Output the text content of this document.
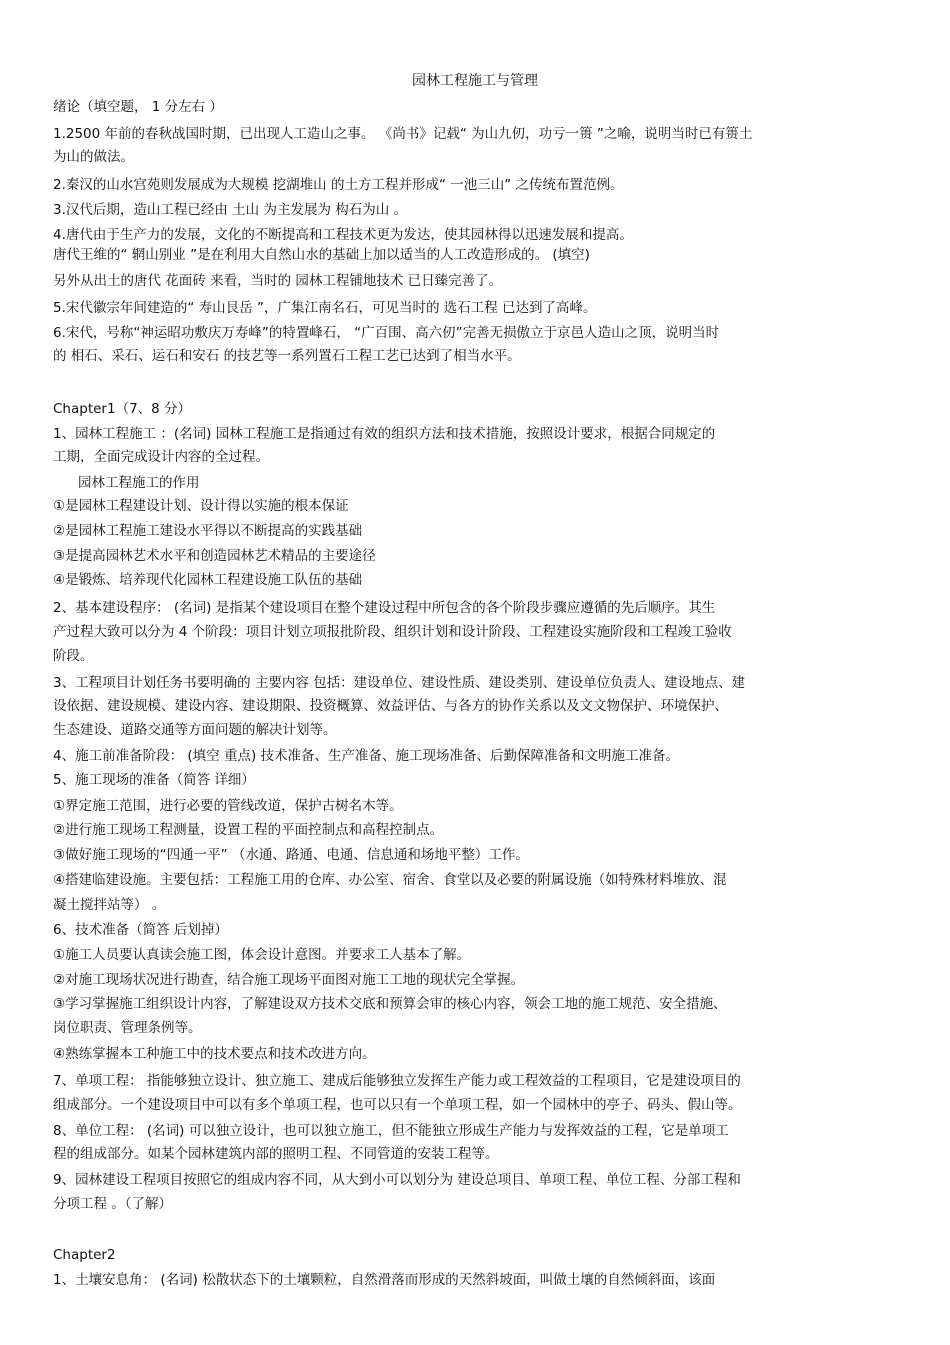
园林工程施工与管理
绪论（填空题， 1 分左右 ）
1.2500 年前的春秋战国时期，已出现人工造山之事。 《尚书》记载“ 为山九仞，功亏一篑 ”之喻，说明当时已有篑土
为山的做法。
2.秦汉的山水宫苑则发展成为大规模 挖湖堆山 的土方工程并形成“ 一池三山” 之传统布置范例。
3.汉代后期，造山工程已经由 土山 为主发展为 构石为山 。
4.唐代由于生产力的发展，文化的不断提高和工程技术更为发达，使其园林得以迅速发展和提高。
唐代王维的“ 辋山别业 ”是在利用大自然山水的基础上加以适当的人工改造形成的。 (填空)
另外从出土的唐代 花面砖 来看，当时的 园林工程铺地技术 已日臻完善了。
5.宋代徽宗年间建造的“ 寿山艮岳 ”，广集江南名石，可见当时的 选石工程 已达到了高峰。
6.宋代，号称“神运昭功敷庆万寿峰”的特置峰石， “广百围、高六仞”完善无损傲立于京邑人造山之顶，说明当时
的 相石、采石、运石和安石 的技艺等一系列置石工程工艺已达到了相当水平。
Chapter1（7、8 分）
1、园林工程施工 ：(名词) 园林工程施工是指通过有效的组织方法和技术措施，按照设计要求，根据合同规定的
工期，全面完成设计内容的全过程。
园林工程施工的作用
①是园林工程建设计划、设计得以实施的根本保证
②是园林工程施工建设水平得以不断提高的实践基础
③是提高园林艺术水平和创造园林艺术精品的主要途径
④是锻炼、培养现代化园林工程建设施工队伍的基础
2、基本建设程序： (名词) 是指某个建设项目在整个建设过程中所包含的各个阶段步骤应遵循的先后顺序。其生
产过程大致可以分为 4 个阶段：项目计划立项报批阶段、组织计划和设计阶段、工程建设实施阶段和工程竣工验收
阶段。
3、工程项目计划任务书要明确的 主要内容 包括：建设单位、建设性质、建设类别、建设单位负责人、建设地点、建
设依据、建设规模、建设内容、建设期限、投资概算、效益评估、与各方的协作关系以及文文物保护、环境保护、
生态建设、道路交通等方面问题的解决计划等。
4、施工前准备阶段： (填空 重点) 技术准备、生产准备、施工现场准备、后勤保障准备和文明施工准备。
5、施工现场的准备（简答 详细）
①界定施工范围，进行必要的管线改道，保护古树名木等。
②进行施工现场工程测量，设置工程的平面控制点和高程控制点。
③做好施工现场的“四通一平” （水通、路通、电通、信息通和场地平整）工作。
④搭建临建设施。主要包括：工程施工用的仓库、办公室、宿舍、食堂以及必要的附属设施（如特殊材料堆放、混
凝土搅拌站等） 。
6、技术准备（简答 后划掉）
①施工人员要认真读会施工图，体会设计意图。并要求工人基本了解。
②对施工现场状况进行勘查，结合施工现场平面图对施工工地的现状完全掌握。
③学习掌握施工组织设计内容，了解建设双方技术交底和预算会审的核心内容，领会工地的施工规范、安全措施、
岗位职责、管理条例等。
④熟练掌握本工种施工中的技术要点和技术改进方向。
7、单项工程： 指能够独立设计、独立施工、建成后能够独立发挥生产能力或工程效益的工程项目，它是建设项目的
组成部分。一个建设项目中可以有多个单项工程，也可以只有一个单项工程，如一个园林中的亭子、码头、假山等。
8、单位工程： (名词) 可以独立设计，也可以独立施工，但不能独立形成生产能力与发挥效益的工程，它是单项工
程的组成部分。如某个园林建筑内部的照明工程、不同管道的安装工程等。
9、园林建设工程项目按照它的组成内容不同，从大到小可以划分为 建设总项目、单项工程、单位工程、分部工程和
分项工程 。（了解）
Chapter2
1、土壤安息角： (名词) 松散状态下的土壤颗粒，自然滑落而形成的天然斜坡面，叫做土壤的自然倾斜面，该面
